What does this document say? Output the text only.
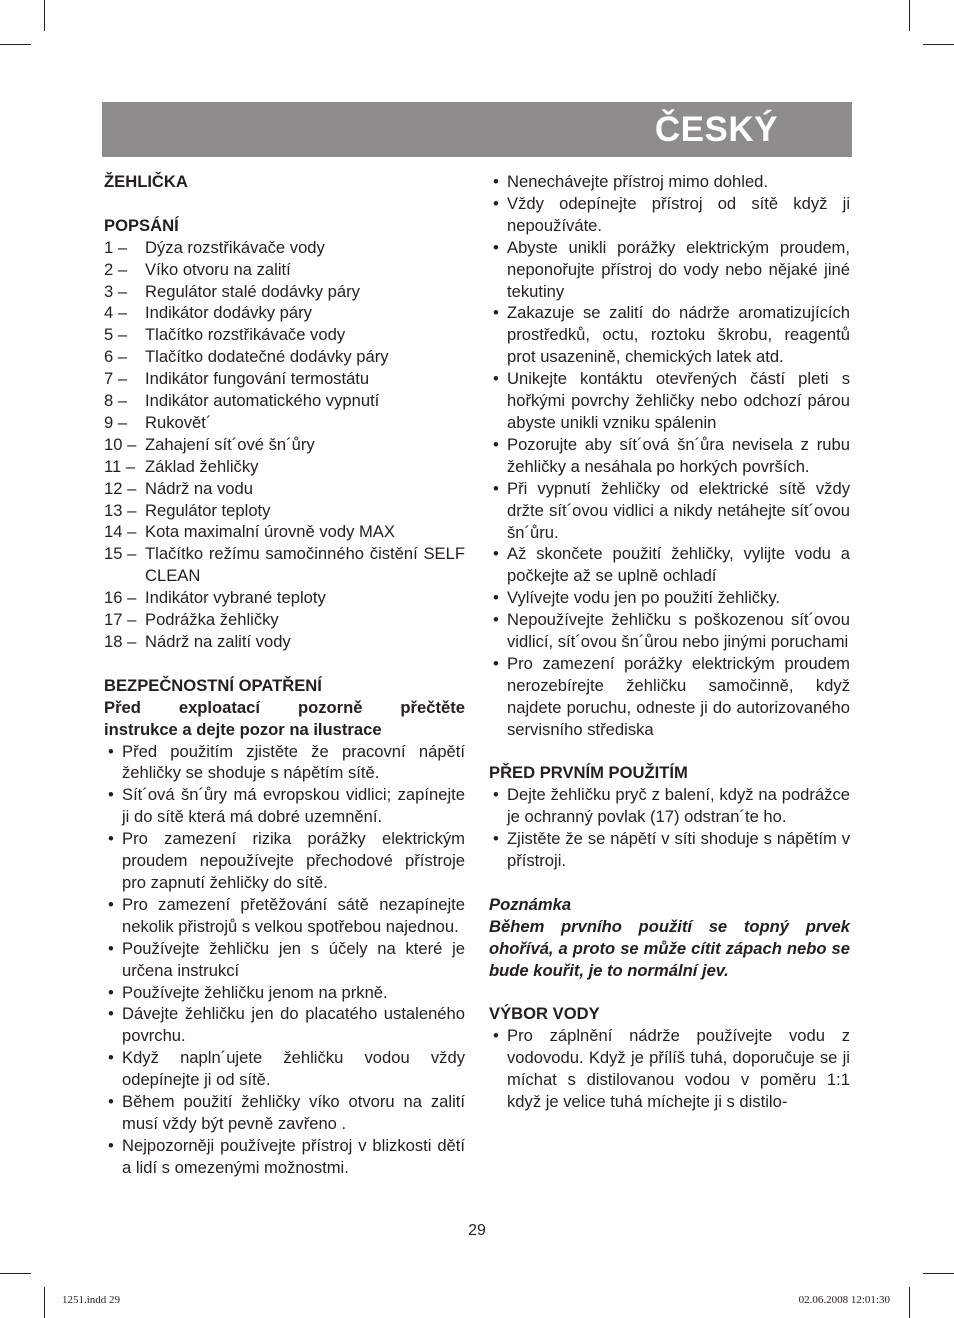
ČESKÝ
ŽEHLIČKA
POPSÁNÍ
1 –	Dýza rozstřikávače vody
2 –	Víko otvoru na zalití
3 –	Regulátor stalé dodávky páry
4 –	Indikátor dodávky páry
5 –	Tlačítko rozstřikávače vody
6 –	Tlačítko dodatečné dodávky páry
7 –	Indikátor fungování termostátu
8 –	Indikátor automatického vypnutí
9 –	Rukovět´
10 – Zahajení sít´ové šn´ůry
11 – Základ žehličky
12 – Nádrž na vodu
13 – Regulátor teploty
14 – Kota maximalní úrovně vody MAX
15 – Tlačítko režímu samočinného čistění SELF CLEAN
16 – Indikátor vybrané teploty
17 – Podrážka žehličky
18 – Nádrž na zalití vody
BEZPEČNOSTNÍ OPATŘENÍ
Před exploatací pozorně přečtěte
instrukce a dejte pozor na ilustrace
• Před použitím zjistěte že pracovní nápětí žehličky se shoduje s nápětím sítě.
• Sít´ová šn´ůry má evropskou vidlici; zapínejte ji do sítě která má dobré uzemnění.
• Pro zamezení rizika porážky elektrickým proudem nepoužívejte přechodové přístroje pro zapnutí žehličky do sítě.
• Pro zamezení přetěžování sátě nezapínejte nekolik přistrojů s velkou spotřebou najednou.
• Používejte žehličku jen s účely na které je určena instrukcí
• Používejte žehličku jenom na prkně.
• Dávejte žehličku jen do placatého ustaleného povrchu.
• Když napln´ujete žehličku vodou vždy odepínejte ji od sítě.
• Během použití žehličky víko otvoru na zalití musí vždy být pevně zavřeno .
• Nejpozorněji používejte přístroj v blizkosti dětí a lidí s omezenými možnostmi.
• Nenechávejte přístroj mimo dohled.
• Vždy odepínejte přístroj od sítě když ji nepoužíváte.
• Abyste unikli porážky elektrickým proudem, neponořujte přístroj do vody nebo nějaké jiné tekutiny
• Zakazuje se zalití do nádrže aromatizujících prostředků, octu, roztoku škrobu, reagentů prot usazenině, chemických latek atd.
• Unikejte kontáktu otevřených částí pleti s hořkými povrchy žehličky nebo odchozí párou abyste unikli vzniku spálenin
• Pozorujte aby sít´ová šn´ůra nevisela z rubu žehličky a nesáhala po horkých površích.
• Při vypnutí žehličky od elektrické sítě vždy držte sít´ovou vidlici a nikdy netáhejte sít´ovou šn´ůru.
• Až skončete použití žehličky, vylijte vodu a počkejte až se uplně ochladí
• Vylívejte vodu jen po použití žehličky.
• Nepoužívejte žehličku s poškozenou sít´ovou vidlicí, sít´ovou šn´ůrou nebo jinými poruchami
• Pro zamezení porážky elektrickým proudem nerozebírejte žehličku samočinně, když najdete poruchu, odneste ji do autorizovaného servisního střediska
PŘED PRVNÍM POUŽITÍM
• Dejte žehličku pryč z balení, když na podrážce je ochranný povlak (17) odstran´te ho.
• Zjistěte že se nápětí v síti shoduje s nápětím v přístroji.
Poznámka
Během prvního použití se topný prvek ohořívá, a proto se může cítit zápach nebo se bude kouřit, je to normální jev.
VÝBOR VODY
• Pro záplnění nádrže používejte vodu z vodovodu. Když je přílíš tuhá, doporučuje se ji míchat s distilovanou vodou v poměru 1:1 když je velice tuhá míchejte ji s distilo-
29
1251.indd 29	02.06.2008 12:01:30
